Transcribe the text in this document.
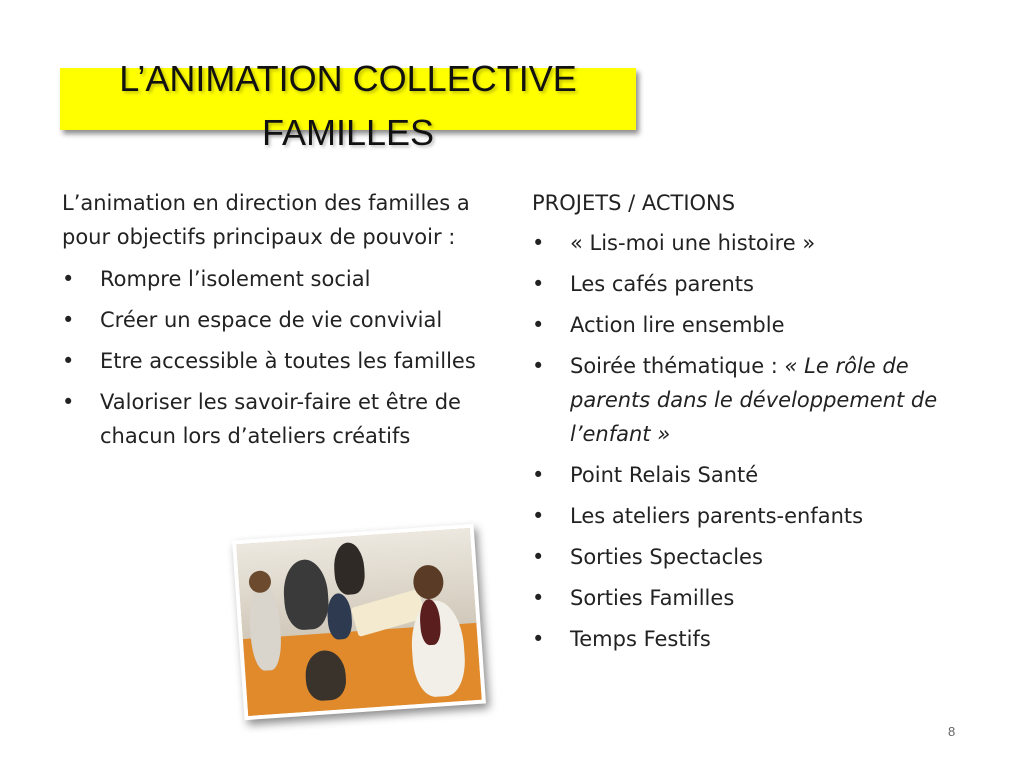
L’ANIMATION COLLECTIVE
FAMILLES

L’animation en direction des familles a pour objectifs principaux de pouvoir :

•	Rompre l’isolement social
•	Créer un espace de vie convivial
•	Etre accessible à toutes les familles
•	Valoriser les savoir-faire et être de chacun lors d’ateliers créatifs

PROJETS / ACTIONS

•	« Lis-moi une histoire »
•	Les cafés parents
•	Action lire ensemble
•	Soirée thématique : « Le rôle de parents dans le développement de l’enfant »
•	Point Relais Santé
•	Les ateliers parents-enfants
•	Sorties Spectacles
•	Sorties Familles
•	Temps Festifs
8
